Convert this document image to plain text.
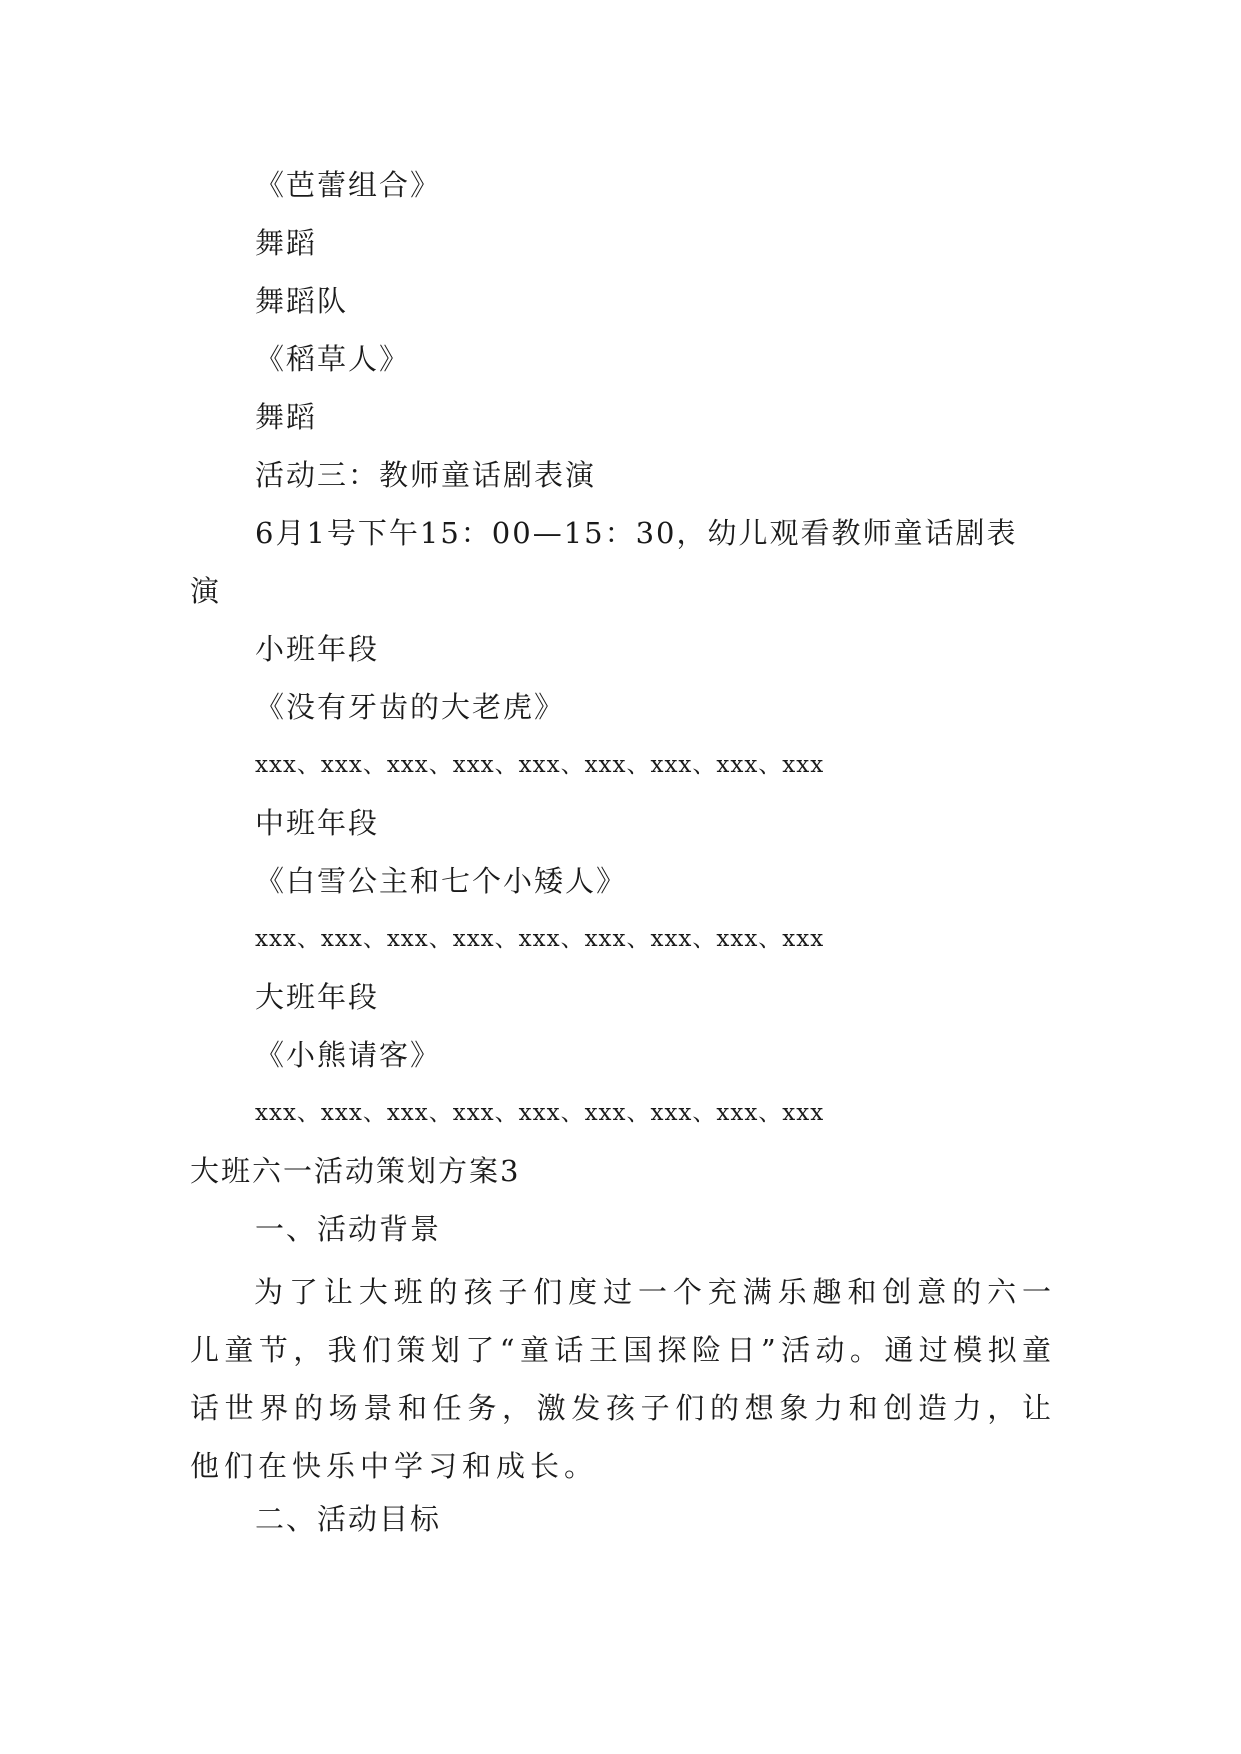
《芭蕾组合》
舞蹈
舞蹈队
《稻草人》
舞蹈
活动三：教师童话剧表演
6月1号下午15：00—15：30，幼儿观看教师童话剧表
演
小班年段
《没有牙齿的大老虎》
xxx、xxx、xxx、xxx、xxx、xxx、xxx、xxx、xxx
中班年段
《白雪公主和七个小矮人》
xxx、xxx、xxx、xxx、xxx、xxx、xxx、xxx、xxx
大班年段
《小熊请客》
xxx、xxx、xxx、xxx、xxx、xxx、xxx、xxx、xxx
大班六一活动策划方案3
一、活动背景
为了让大班的孩子们度过一个充满乐趣和创意的六一儿童节，我们策划了“童话王国探险日”活动。通过模拟童话世界的场景和任务，激发孩子们的想象力和创造力，让他们在快乐中学习和成长。
二、活动目标
